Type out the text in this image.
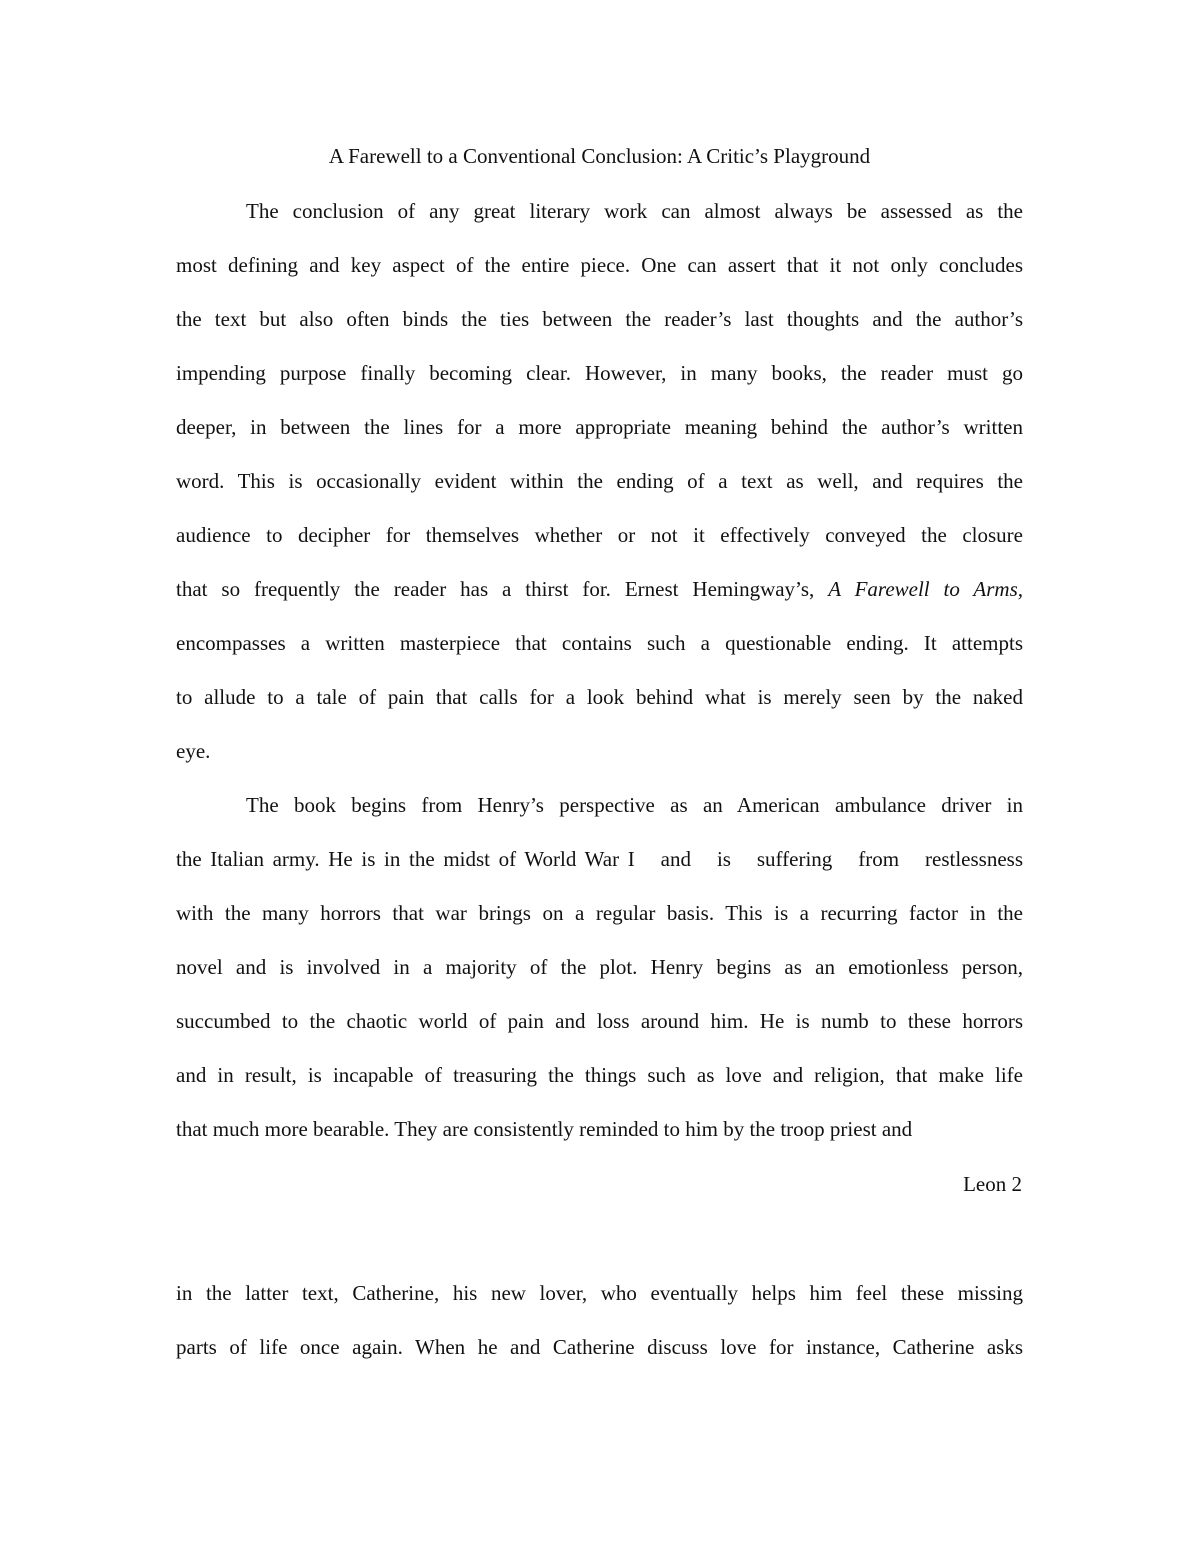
A Farewell to a Conventional Conclusion: A Critic’s Playground
The conclusion of any great literary work can almost always be assessed as the
most defining and key aspect of the entire piece. One can assert that it not only concludes
the text but also often binds the ties between the reader’s last thoughts and the author’s
impending purpose finally becoming clear. However, in many books, the reader must go
deeper, in between the lines for a more appropriate meaning behind the author’s written
word. This is occasionally evident within the ending of a text as well, and requires the
audience to decipher for themselves whether or not it effectively conveyed the closure
that so frequently the reader has a thirst for. Ernest Hemingway’s, A Farewell to Arms,
encompasses a written masterpiece that contains such a questionable ending. It attempts
to allude to a tale of pain that calls for a look behind what is merely seen by the naked
eye.
The book begins from Henry’s perspective as an American ambulance driver in
the Italian army. He is in the midst of World War I   and   is   suffering   from   restlessness
with the many horrors that war brings on a regular basis. This is a recurring factor in the
novel and is involved in a majority of the plot. Henry begins as an emotionless person,
succumbed to the chaotic world of pain and loss around him. He is numb to these horrors
and in result, is incapable of treasuring the things such as love and religion, that make life
that much more bearable. They are consistently reminded to him by the troop priest and
Leon 2
in the latter text, Catherine, his new lover, who eventually helps him feel these missing
parts of life once again. When he and Catherine discuss love for instance, Catherine asks
